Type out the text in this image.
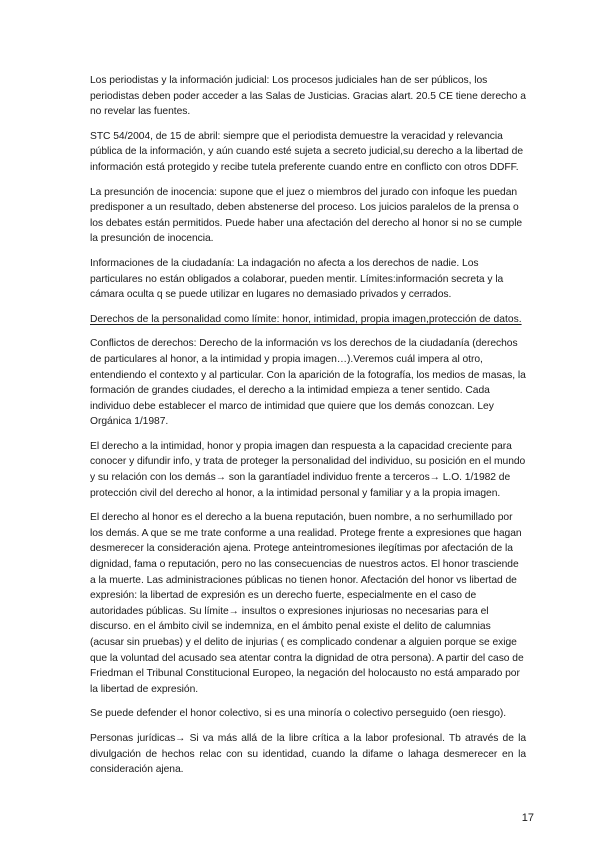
Los periodistas y la información judicial: Los procesos judiciales han de ser públicos, los periodistas deben poder acceder a las Salas de Justicias. Gracias alart. 20.5 CE tiene derecho a no revelar las fuentes.

STC 54/2004, de 15 de abril: siempre que el periodista demuestre la veracidad y relevancia pública de la información, y aún cuando esté sujeta a secreto judicial,su derecho a la libertad de información está protegido y recibe tutela preferente cuando entre en conflicto con otros DDFF.

La presunción de inocencia: supone que el juez o miembros del jurado con infoque les puedan predisponer a un resultado, deben abstenerse del proceso. Los juicios paralelos de la prensa o los debates están permitidos. Puede haber una afectación del derecho al honor si no se cumple la presunción de inocencia.

Informaciones de la ciudadanía: La indagación no afecta a los derechos de nadie. Los particulares no están obligados a colaborar, pueden mentir. Límites:información secreta y la cámara oculta q se puede utilizar en lugares no demasiado privados y cerrados.

Derechos de la personalidad como límite: honor, intimidad, propia imagen,protección de datos.

Conflictos de derechos: Derecho de la información vs los derechos de la ciudadanía (derechos de particulares al honor, a la intimidad y propia imagen…).Veremos cuál impera al otro, entendiendo el contexto y al particular. Con la aparición de la fotografía, los medios de masas, la formación de grandes ciudades, el derecho a la intimidad empieza a tener sentido. Cada individuo debe establecer el marco de intimidad que quiere que los demás conozcan. Ley Orgánica 1/1987.

El derecho a la intimidad, honor y propia imagen dan respuesta a la capacidad creciente para conocer y difundir info, y trata de proteger la personalidad del individuo, su posición en el mundo y su relación con los demás→ son la garantíadel individuo frente a terceros→ L.O. 1/1982 de protección civil del derecho al honor, a la intimidad personal y familiar y a la propia imagen.

El derecho al honor es el derecho a la buena reputación, buen nombre, a no serhumillado por los demás. A que se me trate conforme a una realidad. Protege frente a expresiones que hagan desmerecer la consideración ajena. Protege anteintromesiones ilegítimas por afectación de la dignidad, fama o reputación, pero no las consecuencias de nuestros actos. El honor trasciende a la muerte. Las administraciones públicas no tienen honor. Afectación del honor vs libertad de expresión: la libertad de expresión es un derecho fuerte, especialmente en el caso de autoridades públicas. Su límite→ insultos o expresiones injuriosas no necesarias para el discurso. en el ámbito civil se indemniza, en el ámbito penal existe el delito de calumnias (acusar sin pruebas) y el delito de injurias ( es complicado condenar a alguien porque se exige que la voluntad del acusado sea atentar contra la dignidad de otra persona). A partir del caso de Friedman el Tribunal Constitucional Europeo, la negación del holocausto no está amparado por la libertad de expresión.

Se puede defender el honor colectivo, si es una minoría o colectivo perseguido (oen riesgo).

Personas jurídicas→ Si va más allá de la libre crítica a la labor profesional. Tb através de la divulgación de hechos relac con su identidad, cuando la difame o lahaga desmerecer en la consideración ajena.

17
